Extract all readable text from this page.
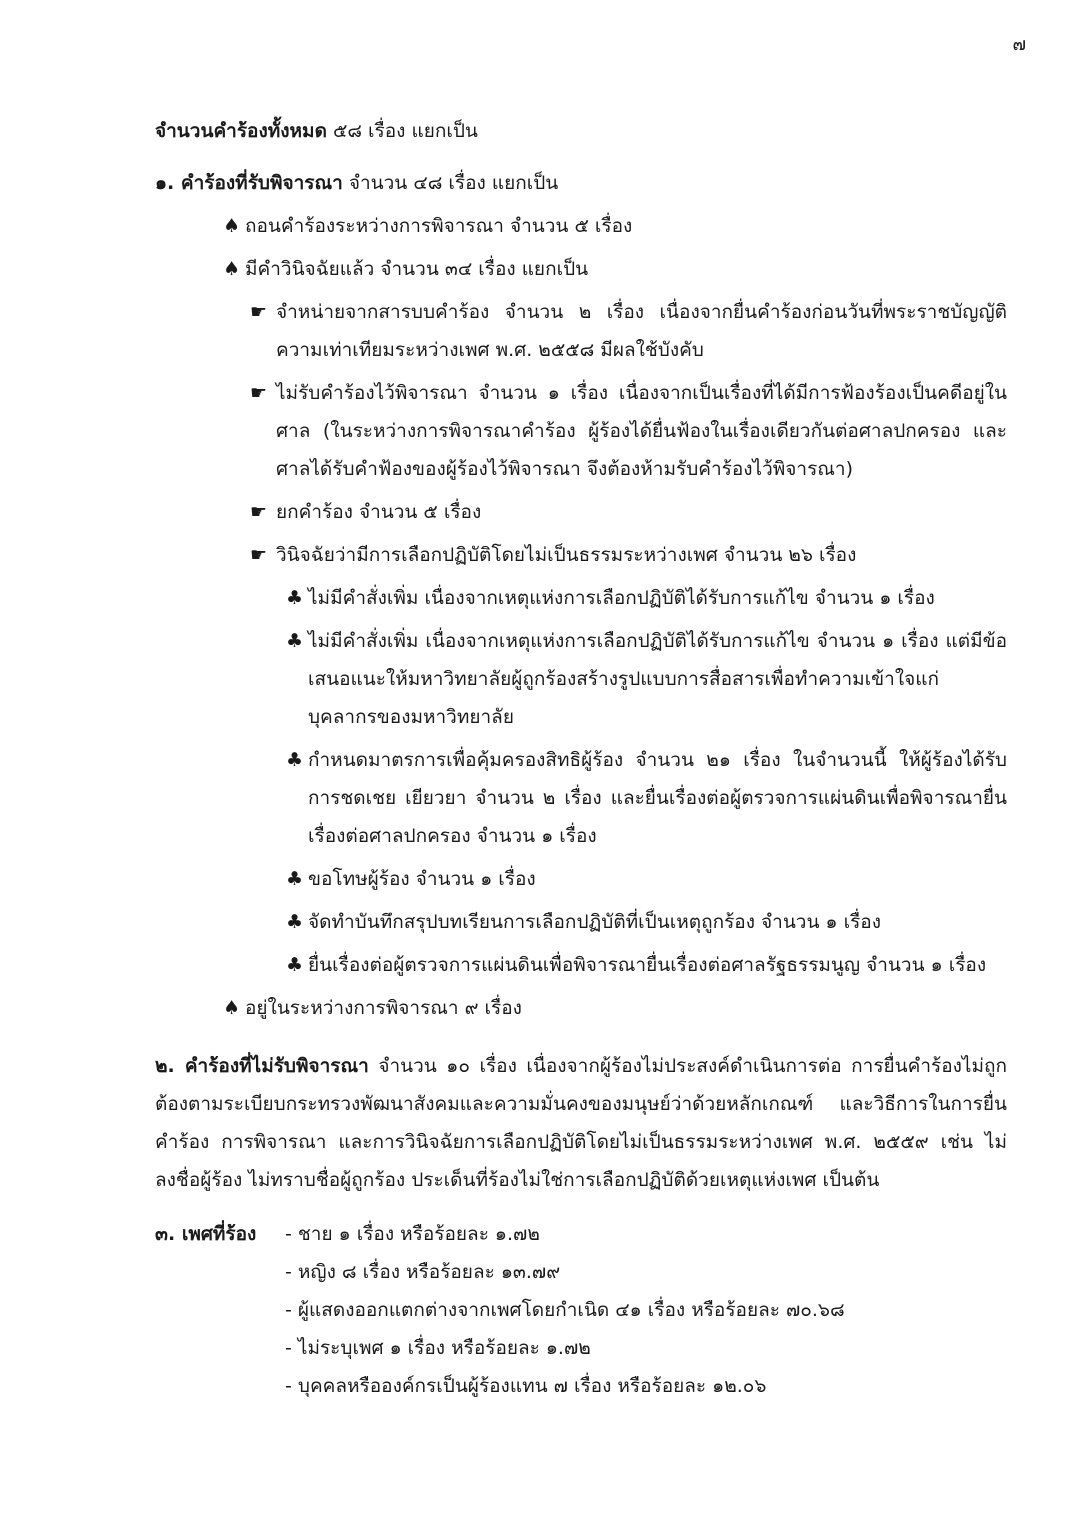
๗

จำนวนคำร้องทั้งหมด ๕๘ เรื่อง แยกเป็น

๑. คำร้องที่รับพิจารณา จำนวน ๔๘ เรื่อง แยกเป็น

♠ ถอนคำร้องระหว่างการพิจารณา จำนวน ๕ เรื่อง
♠ มีคำวินิจฉัยแล้ว จำนวน ๓๔ เรื่อง แยกเป็น
☛ จำหน่ายจากสารบบคำร้อง จำนวน ๒ เรื่อง เนื่องจากยื่นคำร้องก่อนวันที่พระราชบัญญัติความเท่าเทียมระหว่างเพศ พ.ศ. ๒๕๕๘ มีผลใช้บังคับ
☛ ไม่รับคำร้องไว้พิจารณา จำนวน ๑ เรื่อง เนื่องจากเป็นเรื่องที่ได้มีการฟ้องร้องเป็นคดีอยู่ในศาล (ในระหว่างการพิจารณาคำร้อง ผู้ร้องได้ยื่นฟ้องในเรื่องเดียวกันต่อศาลปกครอง และศาลได้รับคำฟ้องของผู้ร้องไว้พิจารณา จึงต้องห้ามรับคำร้องไว้พิจารณา)
☛ ยกคำร้อง จำนวน ๕ เรื่อง
☛ วินิจฉัยว่ามีการเลือกปฏิบัติโดยไม่เป็นธรรมระหว่างเพศ จำนวน ๒๖ เรื่อง
♣ ไม่มีคำสั่งเพิ่ม เนื่องจากเหตุแห่งการเลือกปฏิบัติได้รับการแก้ไข จำนวน ๑ เรื่อง
♣ ไม่มีคำสั่งเพิ่ม เนื่องจากเหตุแห่งการเลือกปฏิบัติได้รับการแก้ไข จำนวน ๑ เรื่อง แต่มีข้อเสนอแนะให้มหาวิทยาลัยผู้ถูกร้องสร้างรูปแบบการสื่อสารเพื่อทำความเข้าใจแก่บุคลากรของมหาวิทยาลัย
♣ กำหนดมาตรการเพื่อคุ้มครองสิทธิผู้ร้อง จำนวน ๒๑ เรื่อง ในจำนวนนี้ ให้ผู้ร้องได้รับการชดเชย เยียวยา จำนวน ๒ เรื่อง และยื่นเรื่องต่อผู้ตรวจการแผ่นดินเพื่อพิจารณายื่นเรื่องต่อศาลปกครอง จำนวน ๑ เรื่อง
♣ ขอโทษผู้ร้อง จำนวน ๑ เรื่อง
♣ จัดทำบันทึกสรุปบทเรียนการเลือกปฏิบัติที่เป็นเหตุถูกร้อง จำนวน ๑ เรื่อง
♣ ยื่นเรื่องต่อผู้ตรวจการแผ่นดินเพื่อพิจารณายื่นเรื่องต่อศาลรัฐธรรมนูญ จำนวน ๑ เรื่อง
♠ อยู่ในระหว่างการพิจารณา ๙ เรื่อง

๒. คำร้องที่ไม่รับพิจารณา จำนวน ๑๐ เรื่อง เนื่องจากผู้ร้องไม่ประสงค์ดำเนินการต่อ การยื่นคำร้องไม่ถูกต้องตามระเบียบกระทรวงพัฒนาสังคมและความมั่นคงของมนุษย์ว่าด้วยหลักเกณฑ์ และวิธีการในการยื่นคำร้อง การพิจารณา และการวินิจฉัยการเลือกปฏิบัติโดยไม่เป็นธรรมระหว่างเพศ พ.ศ. ๒๕๕๙ เช่น ไม่ลงชื่อผู้ร้อง ไม่ทราบชื่อผู้ถูกร้อง ประเด็นที่ร้องไม่ใช่การเลือกปฏิบัติด้วยเหตุแห่งเพศ เป็นต้น

๓. เพศที่ร้อง	- ชาย ๑ เรื่อง หรือร้อยละ ๑.๗๒

- หญิง ๘ เรื่อง หรือร้อยละ ๑๓.๗๙

- ผู้แสดงออกแตกต่างจากเพศโดยกำเนิด ๔๑ เรื่อง หรือร้อยละ ๗๐.๖๘

- ไม่ระบุเพศ ๑ เรื่อง หรือร้อยละ ๑.๗๒

- บุคคลหรือองค์กรเป็นผู้ร้องแทน ๗ เรื่อง หรือร้อยละ ๑๒.๐๖
